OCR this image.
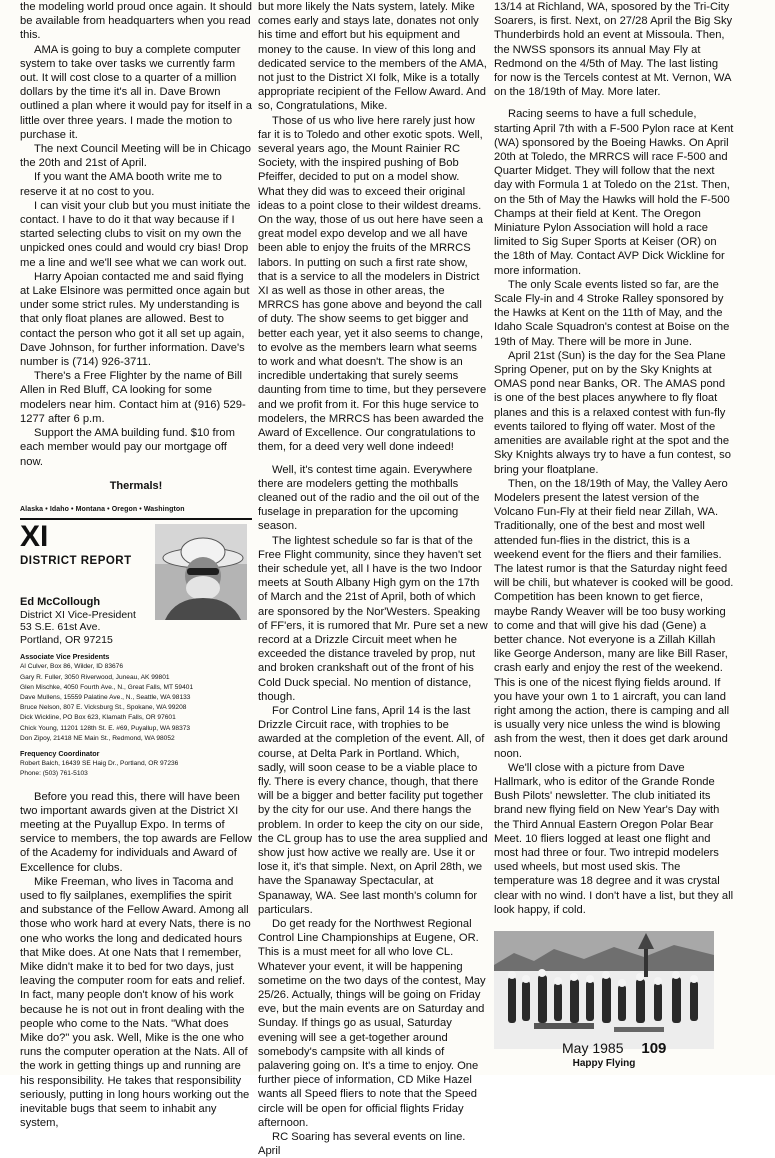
the modeling world proud once again. It should be available from headquarters when you read this.

AMA is going to buy a complete computer system to take over tasks we currently farm out. It will cost close to a quarter of a million dollars by the time it's all in. Dave Brown outlined a plan where it would pay for itself in a little over three years. I made the motion to purchase it.

The next Council Meeting will be in Chicago the 20th and 21st of April.

If you want the AMA booth write me to reserve it at no cost to you.

I can visit your club but you must initiate the contact. I have to do it that way because if I started selecting clubs to visit on my own the unpicked ones could and would cry bias! Drop me a line and we'll see what we can work out.

Harry Apoian contacted me and said flying at Lake Elsinore was permitted once again but under some strict rules. My understanding is that only float planes are allowed. Best to contact the person who got it all set up again, Dave Johnson, for further information. Dave's number is (714) 926-3711.

There's a Free Flighter by the name of Bill Allen in Red Bluff, CA looking for some modelers near him. Contact him at (916) 529-1277 after 6 p.m.

Support the AMA building fund. $10 from each member would pay our mortgage off now.

Thermals!
Alaska • Idaho • Montana • Oregon • Washington
XI
DISTRICT REPORT
Ed McCollough
District XI Vice-President
53 S.E. 61st Ave.
Portland, OR 97215
Associate Vice Presidents
Al Culver, Box 86, Wilder, ID 83676
Gary R. Fuller, 3050 Riverwood, Juneau, AK 99801
Glen Mischke, 4050 Fourth Ave., N., Great Falls, MT 59401
Dave Mullens, 15559 Palatine Ave., N., Seattle, WA 98133
Bruce Nelson, 807 E. Vicksburg St., Spokane, WA 99208
Dick Wickline, PO Box 623, Klamath Falls, OR 97601
Chick Young, 11201 128th St. E. #69, Puyallup, WA 98373
Don Zipoy, 21418 NE Main St., Redmond, WA 98052
Frequency Coordinator
Robert Balch, 16439 SE Haig Dr., Portland, OR 97236
Phone: (503) 761-5103

Before you read this, there will have been two important awards given at the District XI meeting at the Puyallup Expo. In terms of service to members, the top awards are Fellow of the Academy for individuals and Award of Excellence for clubs.

Mike Freeman, who lives in Tacoma and used to fly sailplanes, exemplifies the spirit and substance of the Fellow Award. Among all those who work hard at every Nats, there is no one who works the long and dedicated hours that Mike does. At one Nats that I remember, Mike didn't make it to bed for two days, just leaving the computer room for eats and relief. In fact, many people don't know of his work because he is not out in front dealing with the people who come to the Nats. "What does Mike do?" you ask. Well, Mike is the one who runs the computer operation at the Nats. All of the work in getting things up and running are his responsibility. He takes that responsibility seriously, putting in long hours working out the inevitable bugs that seem to inhabit any system,

but more likely the Nats system, lately. Mike comes early and stays late, donates not only his time and effort but his equipment and money to the cause. In view of this long and dedicated service to the members of the AMA, not just to the District XI folk, Mike is a totally appropriate recipient of the Fellow Award. And so, Congratulations, Mike.

Those of us who live here rarely just how far it is to Toledo and other exotic spots. Well, several years ago, the Mount Rainier RC Society, with the inspired pushing of Bob Pfeiffer, decided to put on a model show. What they did was to exceed their original ideas to a point close to their wildest dreams. On the way, those of us out here have seen a great model expo develop and we all have been able to enjoy the fruits of the MRRCS labors. In putting on such a first rate show, that is a service to all the modelers in District XI as well as those in other areas, the MRRCS has gone above and beyond the call of duty. The show seems to get bigger and better each year, yet it also seems to change, to evolve as the members learn what seems to work and what doesn't. The show is an incredible undertaking that surely seems daunting from time to time, but they persevere and we profit from it. For this huge service to modelers, the MRRCS has been awarded the Award of Excellence. Our congratulations to them, for a deed very well done indeed!

Well, it's contest time again. Everywhere there are modelers getting the mothballs cleaned out of the radio and the oil out of the fuselage in preparation for the upcoming season.

The lightest schedule so far is that of the Free Flight community, since they haven't set their schedule yet, all I have is the two Indoor meets at South Albany High gym on the 17th of March and the 21st of April, both of which are sponsored by the Nor'Westers. Speaking of FF'ers, it is rumored that Mr. Pure set a new record at a Drizzle Circuit meet when he exceeded the distance traveled by prop, nut and broken crankshaft out of the front of his Cold Duck special. No mention of distance, though.

For Control Line fans, April 14 is the last Drizzle Circuit race, with trophies to be awarded at the completion of the event. All, of course, at Delta Park in Portland. Which, sadly, will soon cease to be a viable place to fly. There is every chance, though, that there will be a bigger and better facility put together by the city for our use. And there hangs the problem. In order to keep the city on our side, the CL group has to use the area supplied and show just how active we really are. Use it or lose it, it's that simple. Next, on April 28th, we have the Spanaway Spectacular, at Spanaway, WA. See last month's column for particulars.

Do get ready for the Northwest Regional Control Line Championships at Eugene, OR. This is a must meet for all who love CL. Whatever your event, it will be happening sometime on the two days of the contest, May 25/26. Actually, things will be going on Friday eve, but the main events are on Saturday and Sunday. If things go as usual, Saturday evening will see a get-together around somebody's campsite with all kinds of palavering going on. It's a time to enjoy. One further piece of information, CD Mike Hazel wants all Speed fliers to note that the Speed circle will be open for official flights Friday afternoon.

RC Soaring has several events on line. April

13/14 at Richland, WA, sposored by the Tri-City Soarers, is first. Next, on 27/28 April the Big Sky Thunderbirds hold an event at Missoula. Then, the NWSS sponsors its annual May Fly at Redmond on the 4/5th of May. The last listing for now is the Tercels contest at Mt. Vernon, WA on the 18/19th of May. More later.

Racing seems to have a full schedule, starting April 7th with a F-500 Pylon race at Kent (WA) sponsored by the Boeing Hawks. On April 20th at Toledo, the MRRCS will race F-500 and Quarter Midget. They will follow that the next day with Formula 1 at Toledo on the 21st. Then, on the 5th of May the Hawks will hold the F-500 Champs at their field at Kent. The Oregon Miniature Pylon Association will hold a race limited to Sig Super Sports at Keiser (OR) on the 18th of May. Contact AVP Dick Wickline for more information.

The only Scale events listed so far, are the Scale Fly-in and 4 Stroke Ralley sponsored by the Hawks at Kent on the 11th of May, and the Idaho Scale Squadron's contest at Boise on the 19th of May. There will be more in June.

April 21st (Sun) is the day for the Sea Plane Spring Opener, put on by the Sky Knights at OMAS pond near Banks, OR. The AMAS pond is one of the best places anywhere to fly float planes and this is a relaxed contest with fun-fly events tailored to flying off water. Most of the amenities are available right at the spot and the Sky Knights always try to have a fun contest, so bring your floatplane.

Then, on the 18/19th of May, the Valley Aero Modelers present the latest version of the Volcano Fun-Fly at their field near Zillah, WA. Traditionally, one of the best and most well attended fun-flies in the district, this is a weekend event for the fliers and their families. The latest rumor is that the Saturday night feed will be chili, but whatever is cooked will be good. Competition has been known to get fierce, maybe Randy Weaver will be too busy working to come and that will give his dad (Gene) a better chance. Not everyone is a Zillah Killah like George Anderson, many are like Bill Raser, crash early and enjoy the rest of the weekend. This is one of the nicest flying fields around. If you have your own 1 to 1 aircraft, you can land right among the action, there is camping and all is usually very nice unless the wind is blowing ash from the west, then it does get dark around noon.

We'll close with a picture from Dave Hallmark, who is editor of the Grande Ronde Bush Pilots' newsletter. The club initiated its brand new flying field on New Year's Day with the Third Annual Eastern Oregon Polar Bear Meet. 10 fliers logged at least one flight and most had three or four. Two intrepid modelers used wheels, but most used skis. The temperature was 18 degree and it was crystal clear with no wind. I don't have a list, but they all look happy, if cold.

Happy Flying
May 1985 109
